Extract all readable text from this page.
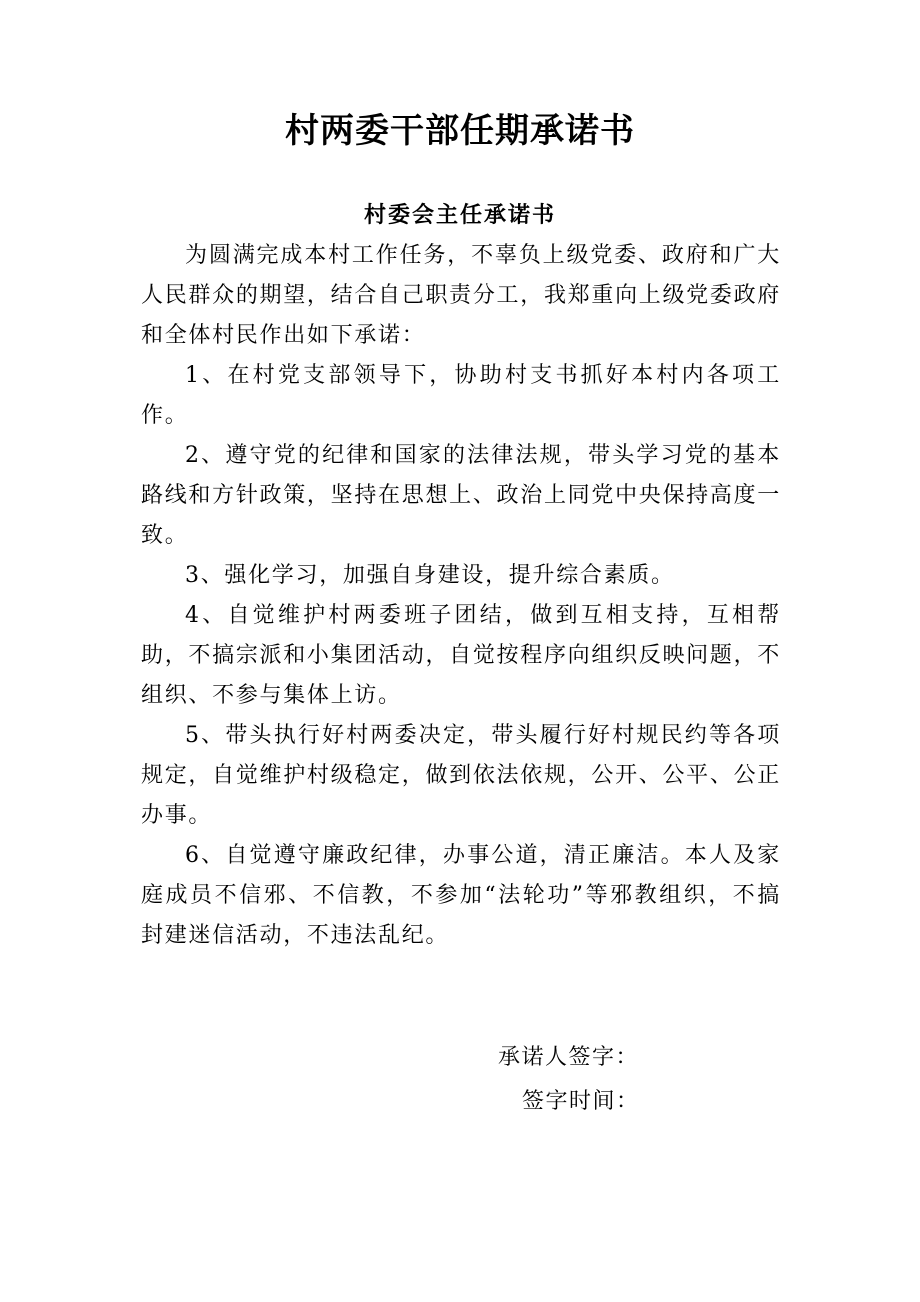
村两委干部任期承诺书
村委会主任承诺书

为圆满完成本村工作任务，不辜负上级党委、政府和广大人民群众的期望，结合自己职责分工，我郑重向上级党委政府和全体村民作出如下承诺：

1、在村党支部领导下，协助村支书抓好本村内各项工作。

2、遵守党的纪律和国家的法律法规，带头学习党的基本路线和方针政策，坚持在思想上、政治上同党中央保持高度一致。

3、强化学习，加强自身建设，提升综合素质。

4、自觉维护村两委班子团结，做到互相支持，互相帮助，不搞宗派和小集团活动，自觉按程序向组织反映问题，不组织、不参与集体上访。

5、带头执行好村两委决定，带头履行好村规民约等各项规定，自觉维护村级稳定，做到依法依规，公开、公平、公正办事。

6、自觉遵守廉政纪律，办事公道，清正廉洁。本人及家庭成员不信邪、不信教，不参加“法轮功”等邪教组织，不搞封建迷信活动，不违法乱纪。

承诺人签字：
签字时间：
